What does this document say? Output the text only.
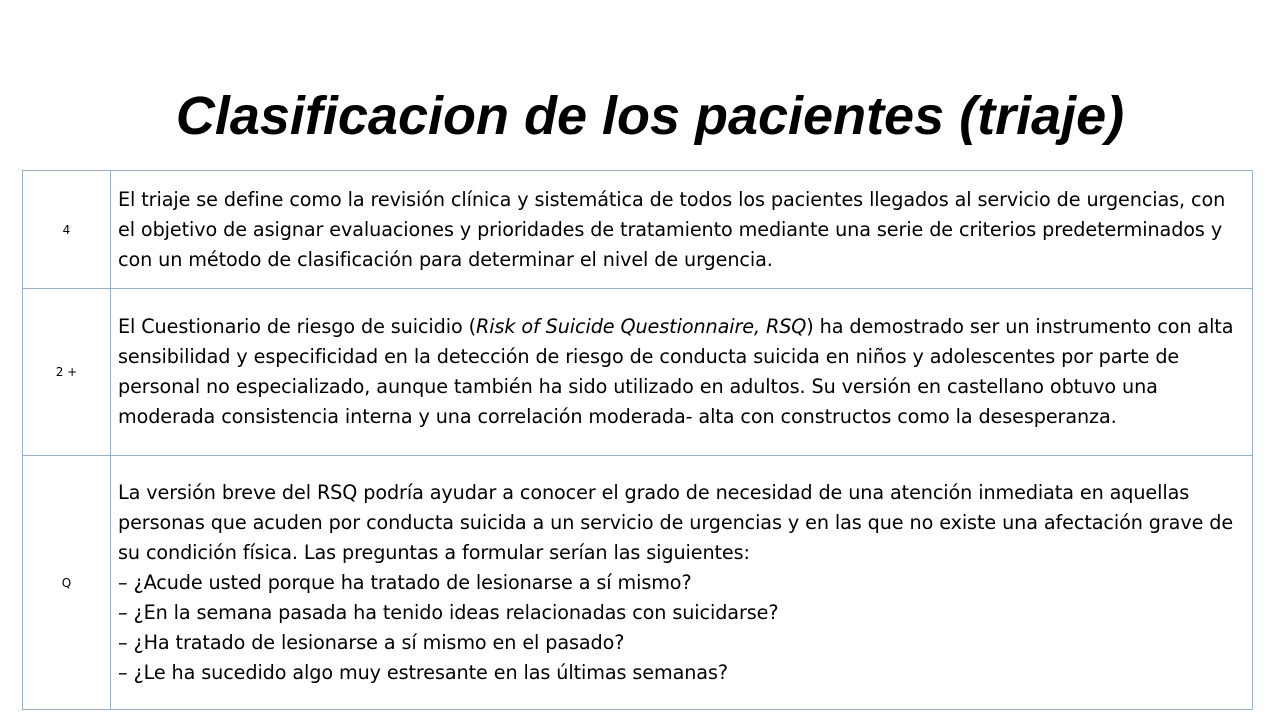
Clasificacion de los pacientes (triaje)
4	El triaje se define como la revisión clínica y sistemática de todos los pacientes llegados al servicio de urgencias, con el objetivo de asignar evaluaciones y prioridades de tratamiento mediante una serie de criterios predeterminados y con un método de clasificación para determinar el nivel de urgencia.

2 +	El Cuestionario de riesgo de suicidio (Risk of Suicide Questionnaire, RSQ) ha demostrado ser un instrumento con alta sensibilidad y especificidad en la detección de riesgo de conducta suicida en niños y adolescentes por parte de personal no especializado, aunque también ha sido utilizado en adultos. Su versión en castellano obtuvo una moderada consistencia interna y una correlación moderada- alta con constructos como la desesperanza.

Q	La versión breve del RSQ podría ayudar a conocer el grado de necesidad de una atención inmediata en aquellas personas que acuden por conducta suicida a un servicio de urgencias y en las que no existe una afectación grave de su condición física. Las preguntas a formular serían las siguientes:
– ¿Acude usted porque ha tratado de lesionarse a sí mismo?
– ¿En la semana pasada ha tenido ideas relacionadas con suicidarse?
– ¿Ha tratado de lesionarse a sí mismo en el pasado?
– ¿Le ha sucedido algo muy estresante en las últimas semanas?
